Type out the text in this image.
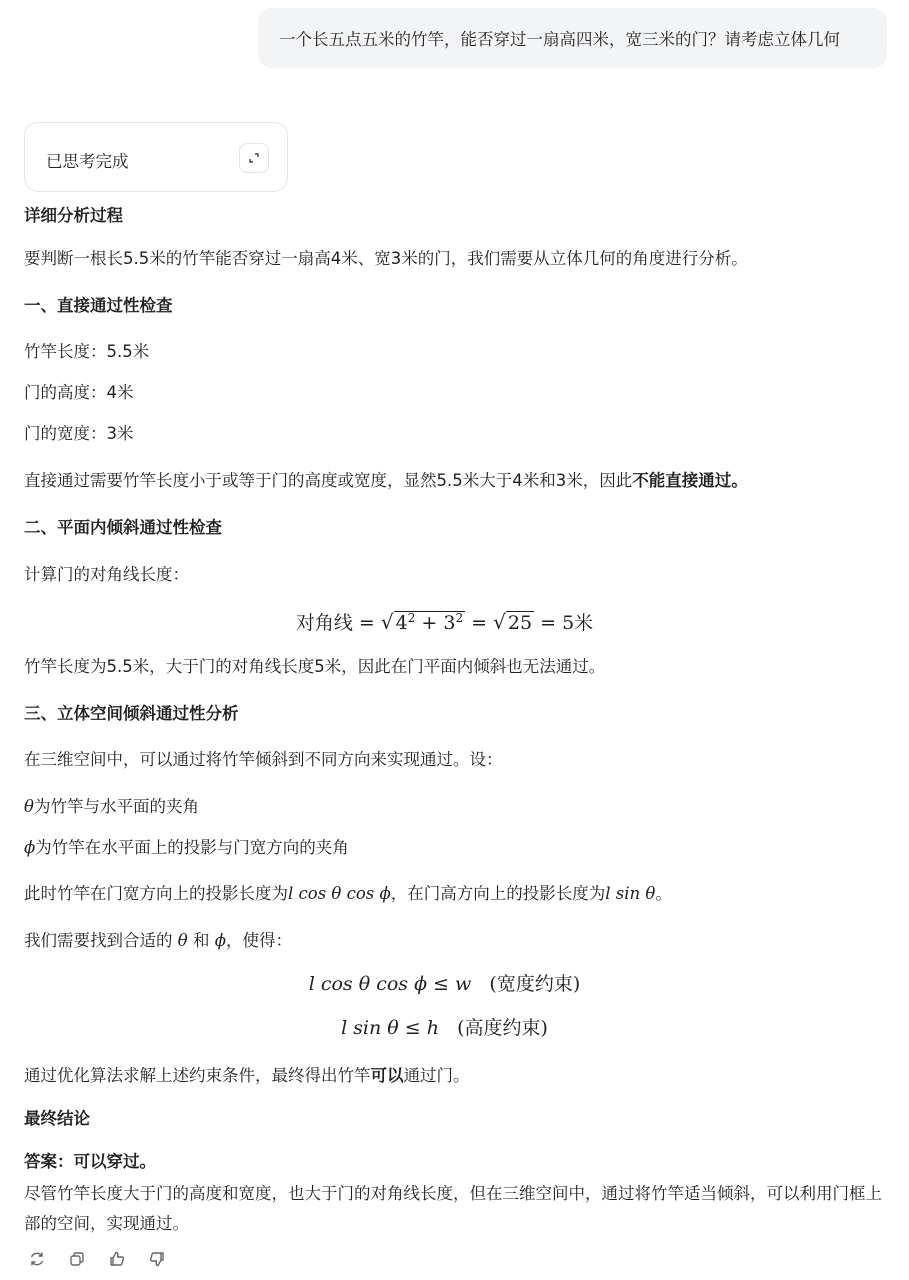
一个长五点五米的竹竿，能否穿过一扇高四米，宽三米的门？请考虑立体几何
已思考完成
详细分析过程
要判断一根长5.5米的竹竿能否穿过一扇高4米、宽3米的门，我们需要从立体几何的角度进行分析。
一、直接通过性检查
竹竿长度：5.5米
门的高度：4米
门的宽度：3米
直接通过需要竹竿长度小于或等于门的高度或宽度，显然5.5米大于4米和3米，因此不能直接通过。
二、平面内倾斜通过性检查
计算门的对角线长度：
对角线 = √ $4^2 + 3^2$ = √ 25 = 5米
竹竿长度为5.5米，大于门的对角线长度5米，因此在门平面内倾斜也无法通过。
三、立体空间倾斜通过性分析
在三维空间中，可以通过将竹竿倾斜到不同方向来实现通过。设：
θ为竹竿与水平面的夹角
ϕ为竹竿在水平面上的投影与门宽方向的夹角
此时竹竿在门宽方向上的投影长度为l cos θ cos ϕ，在门高方向上的投影长度为l sin θ。
我们需要找到合适的 θ 和 ϕ，使得：
l cos θ cos ϕ ≤ w (宽度约束)
l sin θ ≤ h (高度约束)
通过优化算法求解上述约束条件，最终得出竹竿可以通过门。
最终结论
答案：可以穿过。
尽管竹竿长度大于门的高度和宽度，也大于门的对角线长度，但在三维空间中，通过将竹竿适当倾斜，可以利用门框上部的空间，实现通过。
